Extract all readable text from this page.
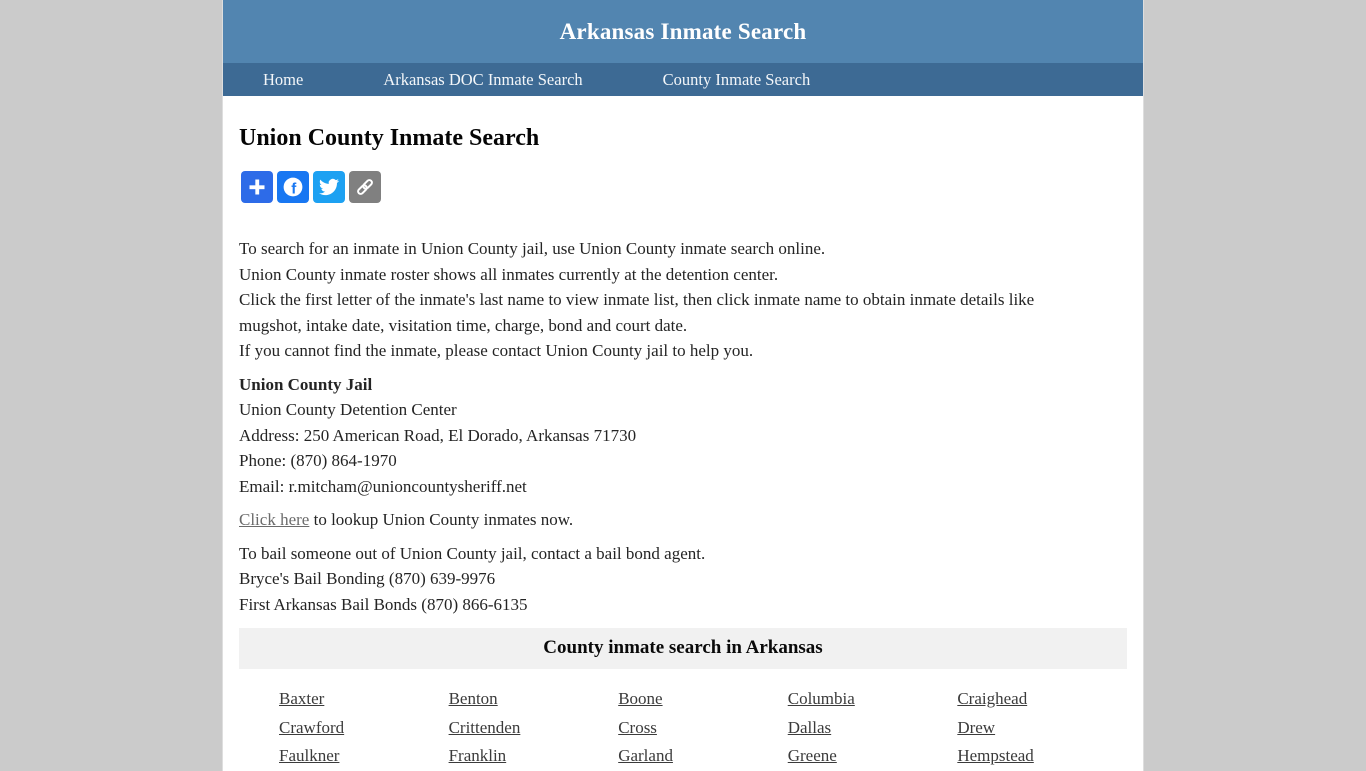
Arkansas Inmate Search
Home	Arkansas DOC Inmate Search	County Inmate Search
Union County Inmate Search
f
To search for an inmate in Union County jail, use Union County inmate search online.
Union County inmate roster shows all inmates currently at the detention center.
Click the first letter of the inmate's last name to view inmate list, then click inmate name to obtain inmate details like
mugshot, intake date, visitation time, charge, bond and court date.
If you cannot find the inmate, please contact Union County jail to help you.
Union County Jail
Union County Detention Center
Address: 250 American Road, El Dorado, Arkansas 71730
Phone: (870) 864-1970
Email: r.mitcham@unioncountysheriff.net
Click here to lookup Union County inmates now.
To bail someone out of Union County jail, contact a bail bond agent.
Bryce's Bail Bonding (870) 639-9976
First Arkansas Bail Bonds (870) 866-6135
County inmate search in Arkansas
Baxter	Benton	Boone	Columbia	Craighead
Crawford	Crittenden	Cross	Dallas	Drew
Faulkner	Franklin	Garland	Greene	Hempstead
